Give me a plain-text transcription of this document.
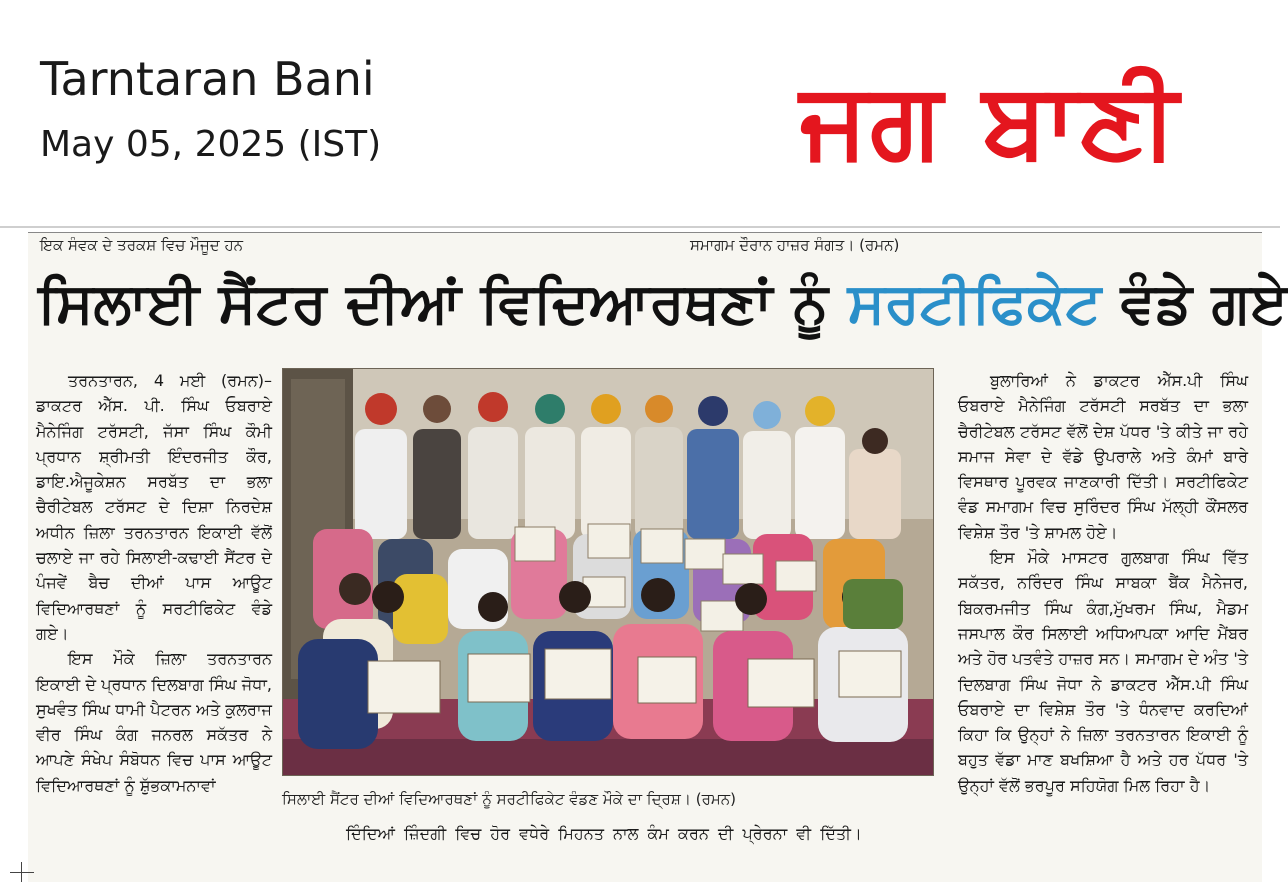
Tarntaran Bani
May 05, 2025 (IST)	ਜਗ ਬਾਣੀ
ਇਕ ਸੰਵਕ ਦੇ ਤਰਕਸ਼ ਵਿਚ ਮੌਜੂਦ ਹਨ	ਸਮਾਗਮ ਦੌਰਾਨ ਹਾਜ਼ਰ ਸੰਗਤ। (ਰਮਨ)
ਸਿਲਾਈ ਸੈਂਟਰ ਦੀਆਂ ਵਿਦਿਆਰਥਣਾਂ ਨੂੰ ਸਰਟੀਫਿਕੇਟ ਵੰਡੇ ਗਏ

ਤਰਨਤਾਰਨ, 4 ਮਈ (ਰਮਨ)– ਡਾਕਟਰ ਐੱਸ. ਪੀ. ਸਿੰਘ ਓਬਰਾਏ ਮੈਨੇਜਿੰਗ ਟਰੱਸਟੀ, ਜੱਸਾ ਸਿੰਘ ਕੌਮੀ ਪ੍ਰਧਾਨ ਸ਼੍ਰੀਮਤੀ ਇੰਦਰਜੀਤ ਕੌਰ, ਡਾਇ.ਐਜੂਕੇਸ਼ਨ ਸਰਬੱਤ ਦਾ ਭਲਾ ਚੈਰੀਟੇਬਲ ਟਰੱਸਟ ਦੇ ਦਿਸ਼ਾ ਨਿਰਦੇਸ਼ ਅਧੀਨ ਜ਼ਿਲਾ ਤਰਨਤਾਰਨ ਇਕਾਈ ਵੱਲੋਂ ਚਲਾਏ ਜਾ ਰਹੇ ਸਿਲਾਈ-ਕਢਾਈ ਸੈਂਟਰ ਦੇ ਪੰਜਵੇਂ ਬੈਚ ਦੀਆਂ ਪਾਸ ਆਊਟ ਵਿਦਿਆਰਥਣਾਂ ਨੂੰ ਸਰਟੀਫਿਕੇਟ ਵੰਡੇ ਗਏ।

ਇਸ ਮੌਕੇ ਜ਼ਿਲਾ ਤਰਨਤਾਰਨ ਇਕਾਈ ਦੇ ਪ੍ਰਧਾਨ ਦਿਲਬਾਗ ਸਿੰਘ ਜੋਧਾ, ਸੁਖਵੰਤ ਸਿੰਘ ਧਾਮੀ ਪੈਟਰਨ ਅਤੇ ਕੁਲਰਾਜ ਵੀਰ ਸਿੰਘ ਕੰਗ ਜਨਰਲ ਸਕੱਤਰ ਨੇ ਆਪਣੇ ਸੰਖੇਪ ਸੰਬੋਧਨ ਵਿਚ ਪਾਸ ਆਊਟ ਵਿਦਿਆਰਥਣਾਂ ਨੂੰ ਸ਼ੁੱਭਕਾਮਨਾਵਾਂ

ਸਿਲਾਈ ਸੈਂਟਰ ਦੀਆਂ ਵਿਦਿਆਰਥਣਾਂ ਨੂੰ ਸਰਟੀਫਿਕੇਟ ਵੰਡਣ ਮੌਕੇ ਦਾ ਦ੍ਰਿਸ਼। (ਰਮਨ)
ਦਿੰਦਿਆਂ ਜ਼ਿੰਦਗੀ ਵਿਚ ਹੋਰ ਵਧੇਰੇ ਮਿਹਨਤ ਨਾਲ ਕੰਮ ਕਰਨ ਦੀ ਪ੍ਰੇਰਨਾ ਵੀ ਦਿੱਤੀ।

ਬੁਲਾਰਿਆਂ ਨੇ ਡਾਕਟਰ ਐੱਸ.ਪੀ ਸਿੰਘ ਓਬਰਾਏ ਮੈਨੇਜਿੰਗ ਟਰੱਸਟੀ ਸਰਬੱਤ ਦਾ ਭਲਾ ਚੈਰੀਟੇਬਲ ਟਰੱਸਟ ਵੱਲੋਂ ਦੇਸ਼ ਪੱਧਰ 'ਤੇ ਕੀਤੇ ਜਾ ਰਹੇ ਸਮਾਜ ਸੇਵਾ ਦੇ ਵੱਡੇ ਉਪਰਾਲੇ ਅਤੇ ਕੰਮਾਂ ਬਾਰੇ ਵਿਸਥਾਰ ਪੂਰਵਕ ਜਾਣਕਾਰੀ ਦਿੱਤੀ। ਸਰਟੀਫਿਕੇਟ ਵੰਡ ਸਮਾਗਮ ਵਿਚ ਸੁਰਿੰਦਰ ਸਿੰਘ ਮੱਲ੍ਹੀ ਕੌਂਸਲਰ ਵਿਸ਼ੇਸ਼ ਤੌਰ 'ਤੇ ਸ਼ਾਮਲ ਹੋਏ।

ਇਸ ਮੌਕੇ ਮਾਸਟਰ ਗੁਲਬਾਗ ਸਿੰਘ ਵਿੱਤ ਸਕੱਤਰ, ਨਰਿੰਦਰ ਸਿੰਘ ਸਾਬਕਾ ਬੈਂਕ ਮੈਨੇਜਰ, ਬਿਕਰਮਜੀਤ ਸਿੰਘ ਕੰਗ,ਮੁੱਖਰਮ ਸਿੰਘ, ਮੈਡਮ ਜਸਪਾਲ ਕੌਰ ਸਿਲਾਈ ਅਧਿਆਪਕਾ ਆਦਿ ਮੈਂਬਰ ਅਤੇ ਹੋਰ ਪਤਵੰਤੇ ਹਾਜ਼ਰ ਸਨ। ਸਮਾਗਮ ਦੇ ਅੰਤ 'ਤੇ ਦਿਲਬਾਗ ਸਿੰਘ ਜੋਧਾ ਨੇ ਡਾਕਟਰ ਐੱਸ.ਪੀ ਸਿੰਘ ਓਬਰਾਏ ਦਾ ਵਿਸ਼ੇਸ਼ ਤੌਰ 'ਤੇ ਧੰਨਵਾਦ ਕਰਦਿਆਂ ਕਿਹਾ ਕਿ ਉਨ੍ਹਾਂ ਨੇ ਜ਼ਿਲਾ ਤਰਨਤਾਰਨ ਇਕਾਈ ਨੂੰ ਬਹੁਤ ਵੱਡਾ ਮਾਣ ਬਖਸ਼ਿਆ ਹੈ ਅਤੇ ਹਰ ਪੱਧਰ 'ਤੇ ਉਨ੍ਹਾਂ ਵੱਲੋਂ ਭਰਪੂਰ ਸਹਿਯੋਗ ਮਿਲ ਰਿਹਾ ਹੈ।
